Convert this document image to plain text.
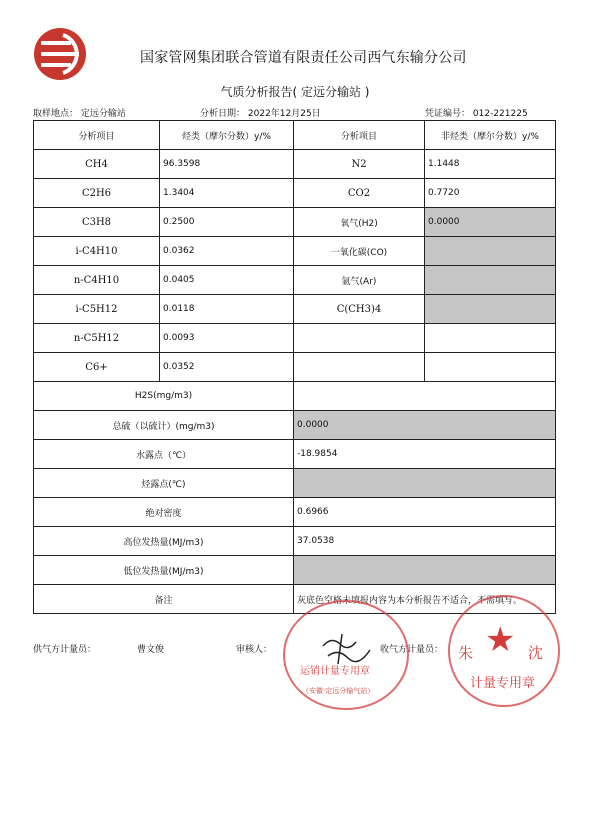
国家管网集团联合管道有限责任公司西气东输分公司
气质分析报告( 定远分输站 )
取样地点： 定远分输站	分析日期： 2022年12月25日	凭证编号： 012-221225
分析项目	烃类（摩尔分数）y/%	分析项目	非烃类（摩尔分数）y/%
CH4	96.3598	N2	1.1448
C2H6	1.3404	CO2	0.7720
C3H8	0.2500	氧气(H2)	0.0000
i-C4H10	0.0362	一氧化碳(CO)	
n-C4H10	0.0405	氩气(Ar)	
i-C5H12	0.0118	C(CH3)4	
n-C5H12	0.0093		
C6+	0.0352		
H2S(mg/m3)			
总硫（以硫计）(mg/m3)		0.0000	
水露点（℃）		-18.9854	
烃露点(℃)			
绝对密度		0.6966	
高位发热量(MJ/m3)		37.0538	
低位发热量(MJ/m3)			
备注		灰底色空格未填报内容为本分析报告不适合，不需填写。	
运销计量专用章
（安徽·定远分输气站）
★
朱	沈
计量专用章
供气方计量员：	曹文俊	审核人：	收气方计量员：
